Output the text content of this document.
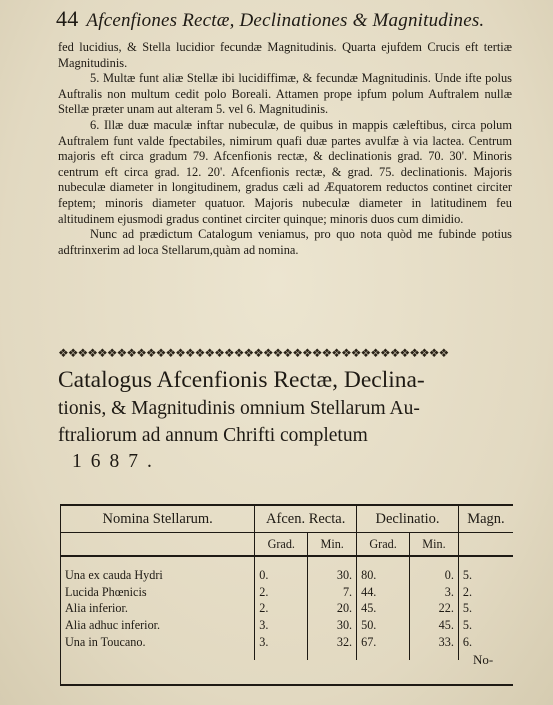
44 Afcenfiones Rectæ, Declinationes & Magnitudines.

fed lucidius, & Stella lucidior fecundæ Magnitudinis. Quarta ejufdem Crucis eft tertiæ Magnitudinis.

5. Multæ funt aliæ Stellæ ibi lucidiffimæ, & fecundæ Magnitudinis. Unde ifte polus Auftralis non multum cedit polo Boreali. Attamen prope ipfum polum Auftralem nullæ Stellæ præter unam aut alteram 5. vel 6. Magnitudinis.

6. Illæ duæ maculæ inftar nubeculæ, de quibus in mappis cæleftibus, circa polum Auftralem funt valde fpectabiles, nimirum quafi duæ partes avulfæ à via lactea. Centrum majoris eft circa gradum 79. Afcenfionis rectæ, & declinationis grad. 70. 30'. Minoris centrum eft circa grad. 12. 20'. Afcenfionis rectæ, & grad. 75. declinationis. Majoris nubeculæ diameter in longitudinem, gradus cæli ad Æquatorem reductos continet circiter feptem; minoris diameter quatuor. Majoris nubeculæ diameter in latitudinem feu altitudinem ejusmodi gradus continet circiter quinque; minoris duos cum dimidio.

Nunc ad prædictum Catalogum veniamus, pro quo nota quòd me fubinde potius adftrinxerim ad loca Stellarum,quàm ad nomina.

❖❖❖❖❖❖❖❖❖❖❖❖❖❖❖❖❖❖❖❖❖❖❖❖❖❖❖❖❖❖❖❖❖❖❖❖❖❖❖❖
Catalogus Afcenfionis Rectæ, Declina-
tionis, & Magnitudinis omnium Stellarum Au-
ftraliorum ad annum Chrifti completum
1687.
Nomina Stellarum.	Afcen. Recta.		Declinatio.		Magn.
	Grad.	Min.	Grad.	Min.	

Una ex cauda Hydri	0.	30.	80.	0.	5.
Lucida Phœnicis	2.	7.	44.	3.	2.
Alia inferior.	2.	20.	45.	22.	5.
Alia adhuc inferior.	3.	30.	50.	45.	5.
Una in Toucano.	3.	32.	67.	33.	6.

No-
